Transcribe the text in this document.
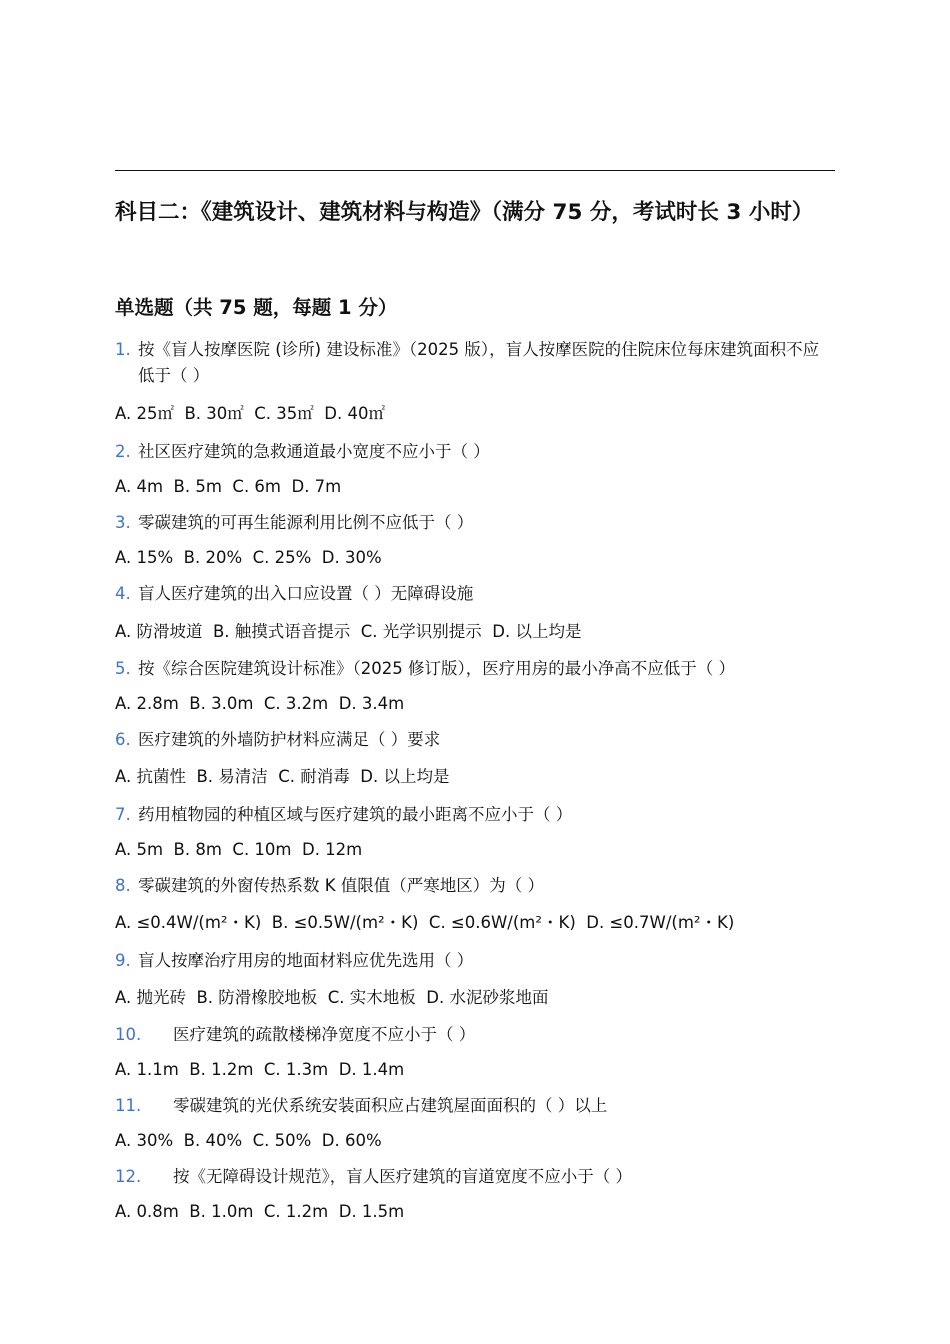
科目二：《建筑设计、建筑材料与构造》（满分 75 分，考试时长 3 小时）
单选题（共 75 题，每题 1 分）
1. 按《盲人按摩医院 (诊所) 建设标准》（2025 版），盲人按摩医院的住院床位每床建筑面积不应低于（ ）

A. 25㎡  B. 30㎡  C. 35㎡  D. 40㎡

2. 社区医疗建筑的急救通道最小宽度不应小于（ ）

A. 4m  B. 5m  C. 6m  D. 7m

3. 零碳建筑的可再生能源利用比例不应低于（ ）

A. 15%  B. 20%  C. 25%  D. 30%

4. 盲人医疗建筑的出入口应设置（ ）无障碍设施

A. 防滑坡道  B. 触摸式语音提示  C. 光学识别提示  D. 以上均是

5. 按《综合医院建筑设计标准》（2025 修订版），医疗用房的最小净高不应低于（ ）

A. 2.8m  B. 3.0m  C. 3.2m  D. 3.4m

6. 医疗建筑的外墙防护材料应满足（ ）要求

A. 抗菌性  B. 易清洁  C. 耐消毒  D. 以上均是

7. 药用植物园的种植区域与医疗建筑的最小距离不应小于（ ）

A. 5m  B. 8m  C. 10m  D. 12m

8. 零碳建筑的外窗传热系数 K 值限值（严寒地区）为（ ）

A. ≤0.4W/(m²・K)  B. ≤0.5W/(m²・K)  C. ≤0.6W/(m²・K)  D. ≤0.7W/(m²・K)

9. 盲人按摩治疗用房的地面材料应优先选用（ ）

A. 抛光砖  B. 防滑橡胶地板  C. 实木地板  D. 水泥砂浆地面

10.	医疗建筑的疏散楼梯净宽度不应小于（ ）

A. 1.1m  B. 1.2m  C. 1.3m  D. 1.4m

11.	零碳建筑的光伏系统安装面积应占建筑屋面面积的（ ）以上

A. 30%  B. 40%  C. 50%  D. 60%

12.	按《无障碍设计规范》，盲人医疗建筑的盲道宽度不应小于（ ）

A. 0.8m  B. 1.0m  C. 1.2m  D. 1.5m
